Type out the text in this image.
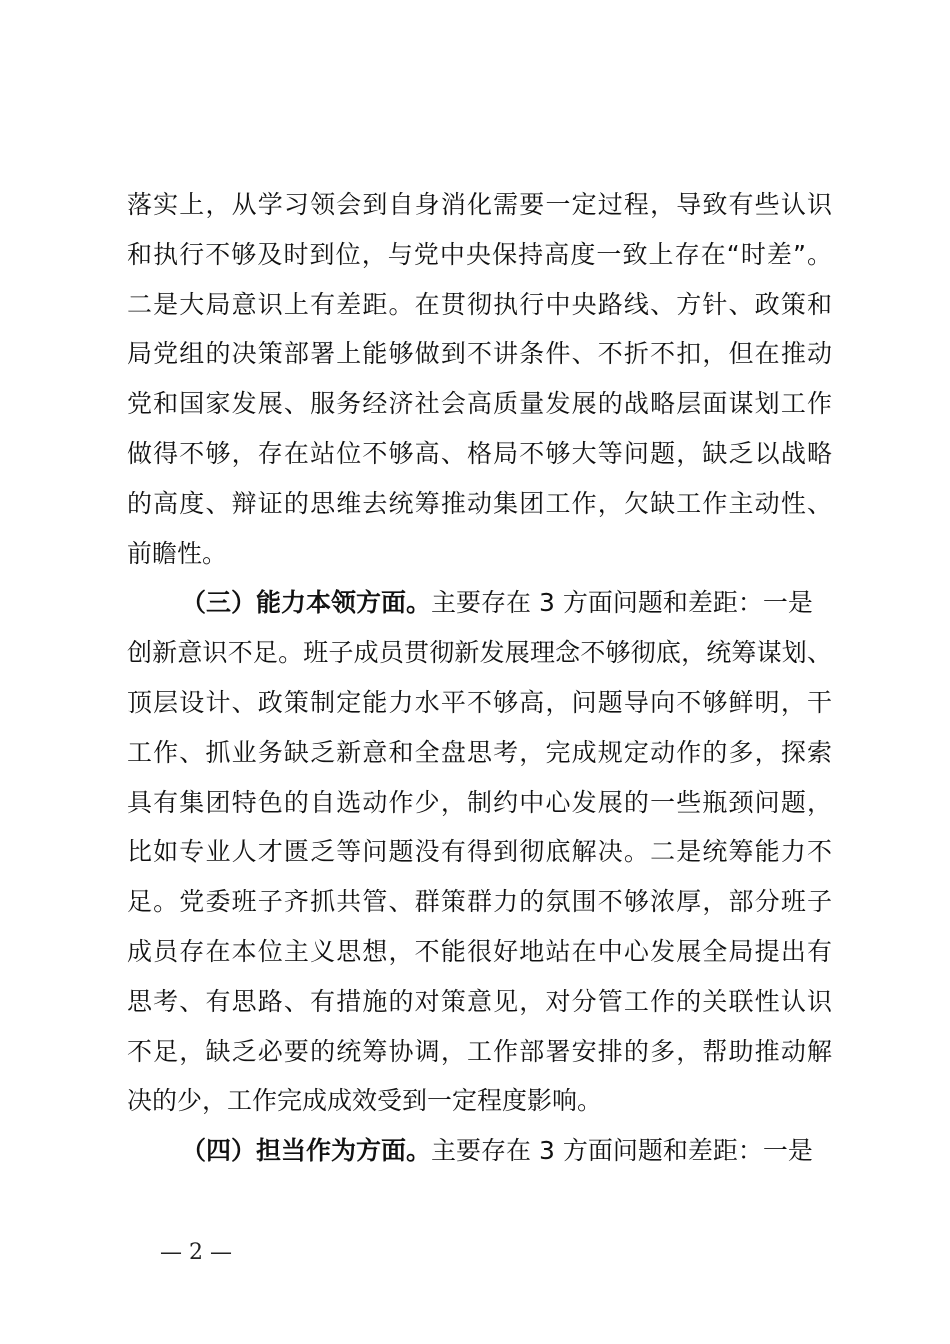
落实上，从学习领会到自身消化需要一定过程，导致有些认识
和执行不够及时到位，与党中央保持高度一致上存在“时差”。
二是大局意识上有差距。在贯彻执行中央路线、方针、政策和
局党组的决策部署上能够做到不讲条件、不折不扣，但在推动
党和国家发展、服务经济社会高质量发展的战略层面谋划工作
做得不够，存在站位不够高、格局不够大等问题，缺乏以战略
的高度、辩证的思维去统筹推动集团工作，欠缺工作主动性、
前瞻性。
（三）能力本领方面。主要存在 3 方面问题和差距：一是
创新意识不足。班子成员贯彻新发展理念不够彻底，统筹谋划、
顶层设计、政策制定能力水平不够高，问题导向不够鲜明，干
工作、抓业务缺乏新意和全盘思考，完成规定动作的多，探索
具有集团特色的自选动作少，制约中心发展的一些瓶颈问题，
比如专业人才匮乏等问题没有得到彻底解决。二是统筹能力不
足。党委班子齐抓共管、群策群力的氛围不够浓厚，部分班子
成员存在本位主义思想，不能很好地站在中心发展全局提出有
思考、有思路、有措施的对策意见，对分管工作的关联性认识
不足，缺乏必要的统筹协调，工作部署安排的多，帮助推动解
决的少，工作完成成效受到一定程度影响。
（四）担当作为方面。主要存在 3 方面问题和差距：一是
— 2 —
